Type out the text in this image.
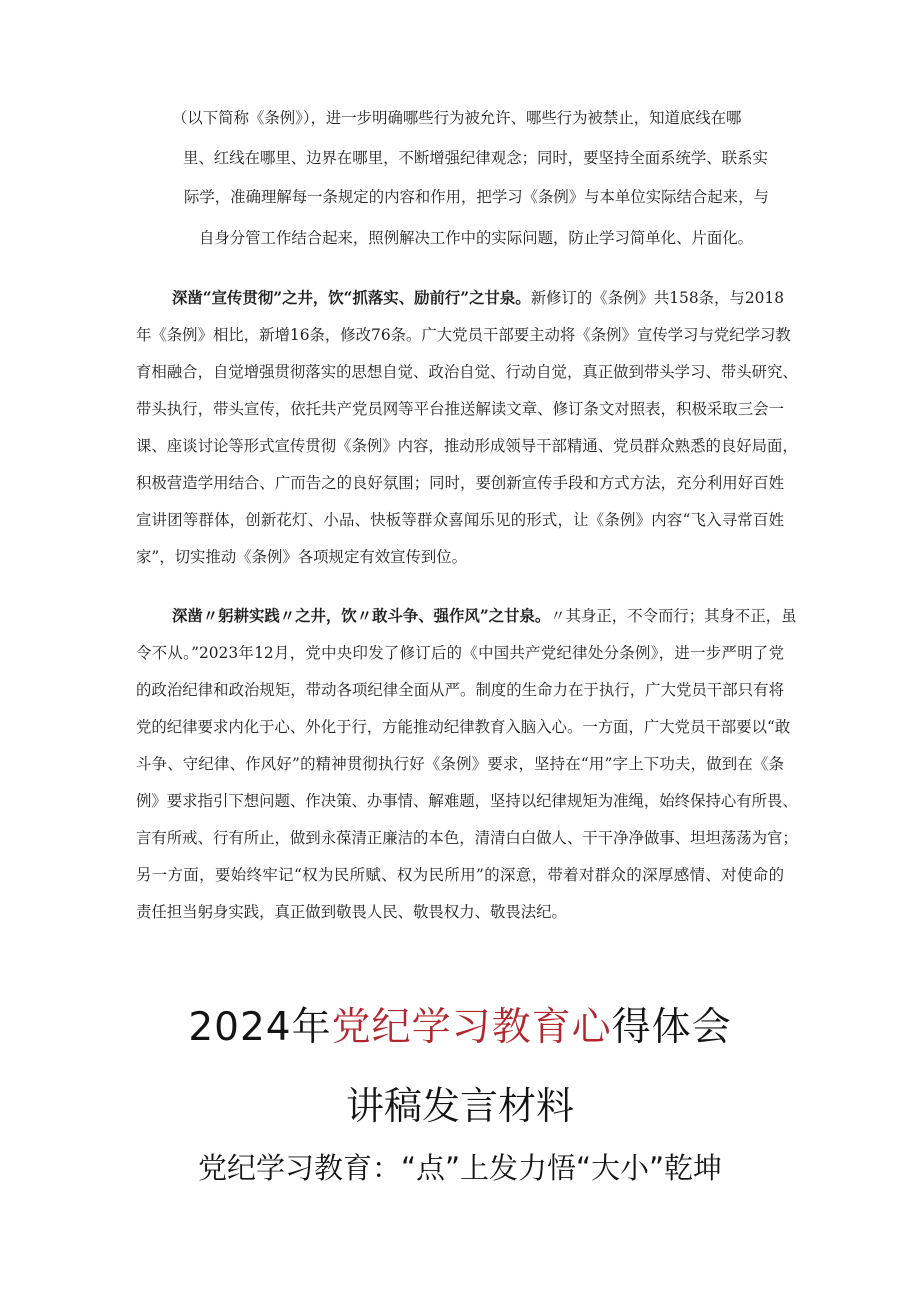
（以下简称《条例》），进一步明确哪些行为被允许、哪些行为被禁止，知道底线在哪
里、红线在哪里、边界在哪里，不断增强纪律观念；同时，要坚持全面系统学、联系实
际学，准确理解每一条规定的内容和作用，把学习《条例》与本单位实际结合起来，与
自身分管工作结合起来，照例解决工作中的实际问题，防止学习简单化、片面化。
深凿“宣传贯彻”之井，饮“抓落实、励前行”之甘泉。新修订的《条例》共158条，与2018
年《条例》相比，新增16条，修改76条。广大党员干部要主动将《条例》宣传学习与党纪学习教
育相融合，自觉增强贯彻落实的思想自觉、政治自觉、行动自觉，真正做到带头学习、带头研究、
带头执行，带头宣传，依托共产党员网等平台推送解读文章、修订条文对照表，积极采取三会一
课、座谈讨论等形式宣传贯彻《条例》内容，推动形成领导干部精通、党员群众熟悉的良好局面，
积极营造学用结合、广而告之的良好氛围；同时，要创新宣传手段和方式方法，充分利用好百姓
宣讲团等群体，创新花灯、小品、快板等群众喜闻乐见的形式，让《条例》内容“飞入寻常百姓
家”，切实推动《条例》各项规定有效宣传到位。
深凿〃躬耕实践〃之井，饮〃敢斗争、强作风”之甘泉。〃其身正，不令而行；其身不正，虽
令不从。”2023年12月，党中央印发了修订后的《中国共产党纪律处分条例》，进一步严明了党
的政治纪律和政治规矩，带动各项纪律全面从严。制度的生命力在于执行，广大党员干部只有将
党的纪律要求内化于心、外化于行，方能推动纪律教育入脑入心。一方面，广大党员干部要以“敢
斗争、守纪律、作风好”的精神贯彻执行好《条例》要求，坚持在“用”字上下功夫，做到在《条
例》要求指引下想问题、作决策、办事情、解难题，坚持以纪律规矩为准绳，始终保持心有所畏、
言有所戒、行有所止，做到永葆清正廉洁的本色，清清白白做人、干干净净做事、坦坦荡荡为官；
另一方面，要始终牢记“权为民所赋、权为民所用”的深意，带着对群众的深厚感情、对使命的
责任担当躬身实践，真正做到敬畏人民、敬畏权力、敬畏法纪。
2024年党纪学习教育心得体会
讲稿发言材料
党纪学习教育：“点”上发力悟“大小”乾坤
